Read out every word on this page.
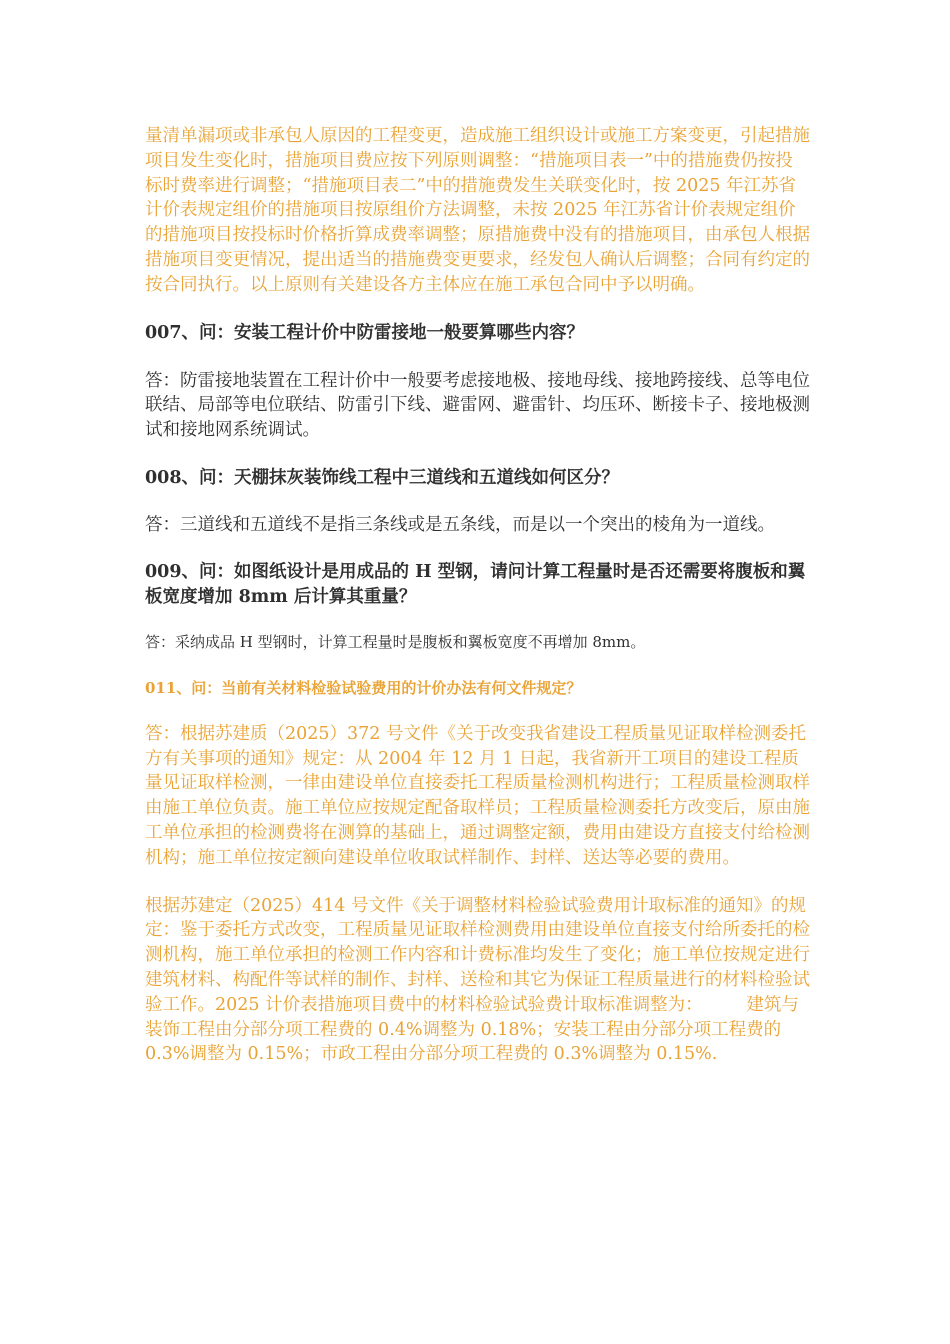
量清单漏项或非承包人原因的工程变更，造成施工组织设计或施工方案变更，引起措施项目发生变化时，措施项目费应按下列原则调整：“措施项目表一”中的措施费仍按投标时费率进行调整；“措施项目表二”中的措施费发生关联变化时，按 2025 年江苏省计价表规定组价的措施项目按原组价方法调整，未按 2025 年江苏省计价表规定组价的措施项目按投标时价格折算成费率调整；原措施费中没有的措施项目，由承包人根据措施项目变更情况，提出适当的措施费变更要求，经发包人确认后调整；合同有约定的按合同执行。以上原则有关建设各方主体应在施工承包合同中予以明确。

007、问：安装工程计价中防雷接地一般要算哪些内容？

答：防雷接地装置在工程计价中一般要考虑接地极、接地母线、接地跨接线、总等电位联结、局部等电位联结、防雷引下线、避雷网、避雷针、均压环、断接卡子、接地极测试和接地网系统调试。

008、问：天棚抹灰装饰线工程中三道线和五道线如何区分？

答：三道线和五道线不是指三条线或是五条线，而是以一个突出的棱角为一道线。

009、问：如图纸设计是用成品的 H 型钢，请问计算工程量时是否还需要将腹板和翼板宽度增加 8mm 后计算其重量？

答：采纳成品 H 型钢时，计算工程量时是腹板和翼板宽度不再增加 8mm。

011、问：当前有关材料检验试验费用的计价办法有何文件规定？

答：根据苏建质（2025）372 号文件《关于改变我省建设工程质量见证取样检测委托方有关事项的通知》规定：从 2004 年 12 月 1 日起，我省新开工项目的建设工程质量见证取样检测，一律由建设单位直接委托工程质量检测机构进行；工程质量检测取样由施工单位负责。施工单位应按规定配备取样员；工程质量检测委托方改变后，原由施工单位承担的检测费将在测算的基础上，通过调整定额，费用由建设方直接支付给检测机构；施工单位按定额向建设单位收取试样制作、封样、送达等必要的费用。

根据苏建定（2025）414 号文件《关于调整材料检验试验费用计取标准的通知》的规定：鉴于委托方式改变，工程质量见证取样检测费用由建设单位直接支付给所委托的检测机构，施工单位承担的检测工作内容和计费标准均发生了变化；施工单位按规定进行建筑材料、构配件等试样的制作、封样、送检和其它为保证工程质量进行的材料检验试验工作。2025 计价表措施项目费中的材料检验试验费计取标准调整为：　　　建筑与装饰工程由分部分项工程费的 0.4%调整为 0.18%；安装工程由分部分项工程费的 0.3%调整为 0.15%；市政工程由分部分项工程费的 0.3%调整为 0.15%.
